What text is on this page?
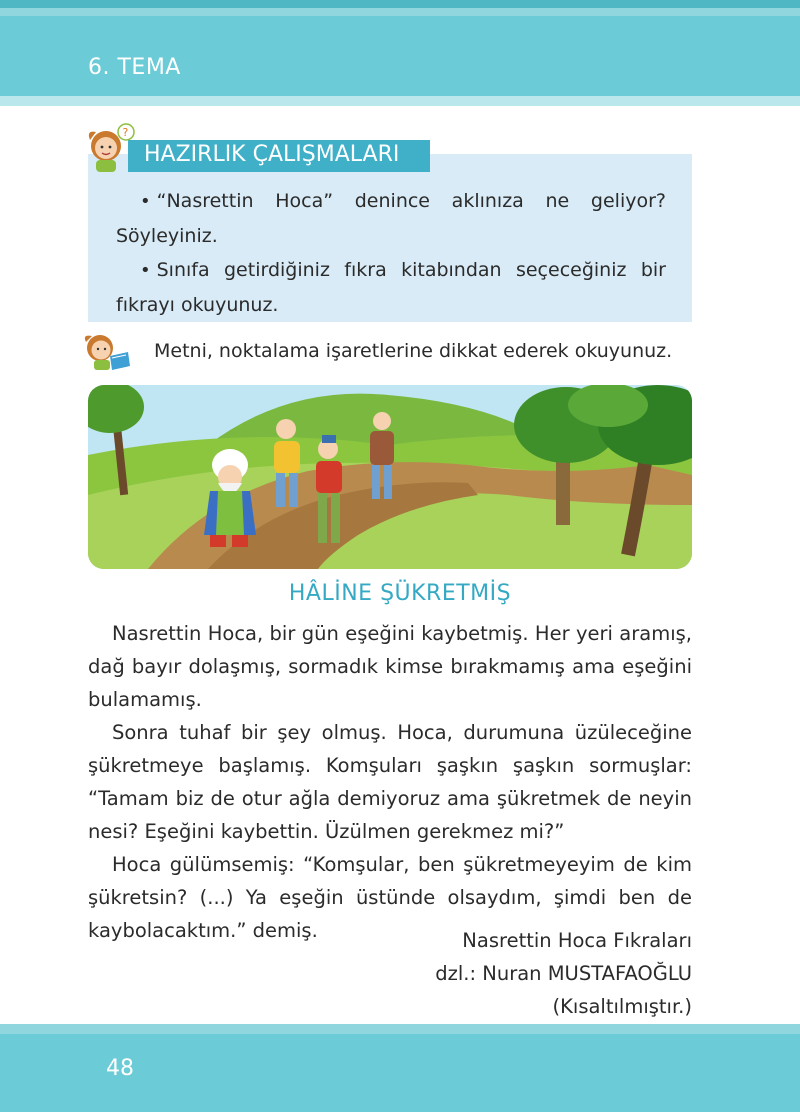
6. TEMA
HAZIRLIK ÇALIŞMALARI
?

• “Nasrettin Hoca” denince aklınıza ne geliyor? Söyleyiniz.

• Sınıfa getirdiğiniz fıkra kitabından seçeceğiniz bir fıkrayı okuyunuz.

Metni, noktalama işaretlerine dikkat ederek okuyunuz.
HÂLİNE ŞÜKRETMİŞ

Nasrettin Hoca, bir gün eşeğini kaybetmiş. Her yeri aramış, dağ bayır dolaşmış, sormadık kimse bırakmamış ama eşeğini bulamamış.

Sonra tuhaf bir şey olmuş. Hoca, durumuna üzüleceğine şükretmeye başlamış. Komşuları şaşkın şaşkın sormuşlar: “Tamam biz de otur ağla demiyoruz ama şükretmek de neyin nesi? Eşeğini kaybettin. Üzülmen gerekmez mi?”

Hoca gülümsemiş: “Komşular, ben şükretmeyeyim de kim şükretsin? (...) Ya eşeğin üstünde olsaydım, şimdi ben de kaybolacaktım.” demiş.	Nasrettin Hoca Fıkraları
dzl.: Nuran MUSTAFAOĞLU
(Kısaltılmıştır.)
48
